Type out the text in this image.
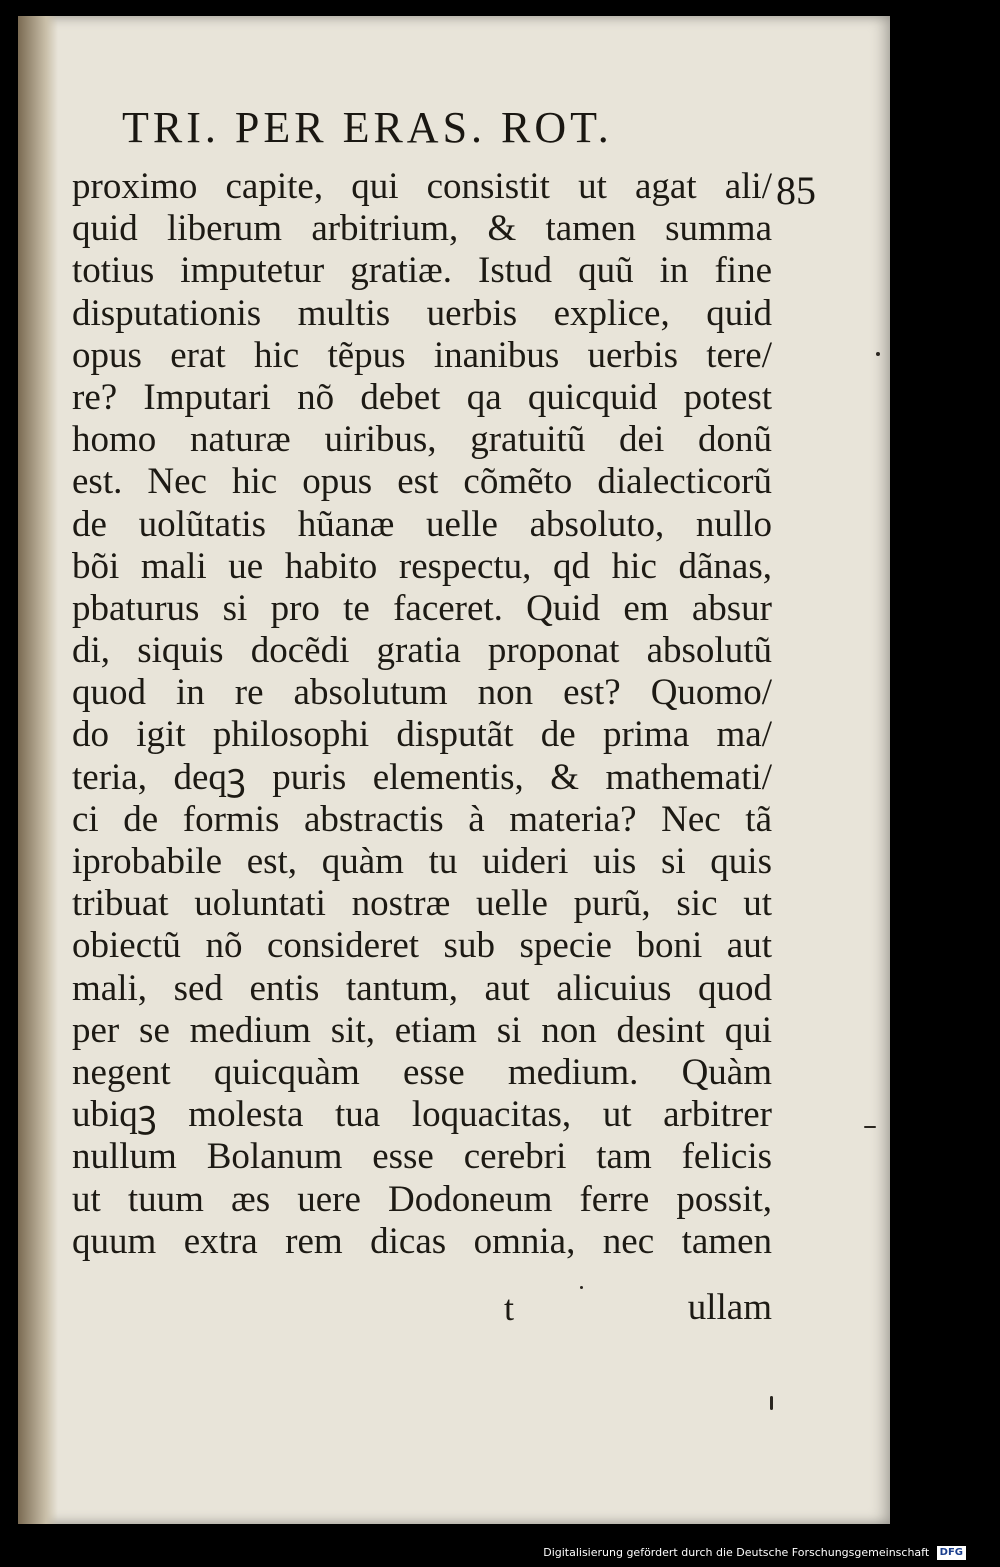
TRI. PER ERAS. ROT.
85
proximo capite, qui consistit ut agat ali/
quid liberum arbitrium, & tamen summa
totius imputetur gratiæ. Istud quũ in fine
disputationis multis uerbis explice, quid
opus erat hic tẽpus inanibus uerbis tere/
re? Imputari nõ debet qa quicquid potest
homo naturæ uiribus, gratuitũ dei donũ
est. Nec hic opus est cõmẽto dialecticorũ
de uolũtatis hũanæ uelle absoluto, nullo
bõi mali ue habito respectu, qd hic dãnas,
pbaturus si pro te faceret. Quid em absur
di, siquis docẽdi gratia proponat absolutũ
quod in re absolutum non est? Quomo/
do igit philosophi disputãt de prima ma/
teria, deqꝫ puris elementis, & mathemati/
ci de formis abstractis à materia? Nec tã
iprobabile est, quàm tu uideri uis si quis
tribuat uoluntati nostræ uelle purũ, sic ut
obiectũ nõ consideret sub specie boni aut
mali, sed entis tantum, aut alicuius quod
per se medium sit, etiam si non desint qui
negent quicquàm esse medium. Quàm
ubiqꝫ molesta tua loquacitas, ut arbitrer
nullum Bolanum esse cerebri tam felicis
ut tuum æs uere Dodoneum ferre possit,
quum extra rem dicas omnia, nec tamen
t	ullam
Digitalisierung gefördert durch die Deutsche Forschungsgemeinschaft DFG
